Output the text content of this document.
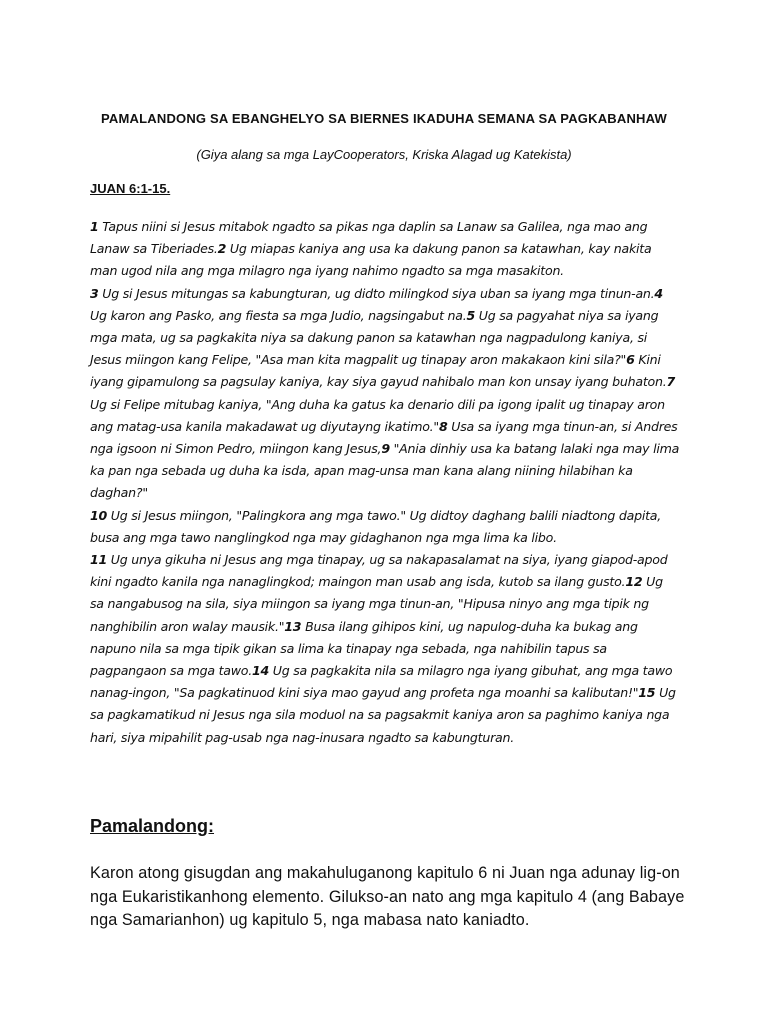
PAMALANDONG SA EBANGHELYO SA BIERNES IKADUHA SEMANA SA PAGKABANHAW
(Giya alang sa mga LayCooperators, Kriska Alagad ug Katekista)
JUAN 6:1-15.

1 Tapus niini si Jesus mitabok ngadto sa pikas nga daplin sa Lanaw sa Galilea, nga mao ang Lanaw sa Tiberiades.2 Ug miapas kaniya ang usa ka dakung panon sa katawhan, kay nakita man ugod nila ang mga milagro nga iyang nahimo ngadto sa mga masakiton.
3 Ug si Jesus mitungas sa kabungturan, ug didto milingkod siya uban sa iyang mga tinun-an.4 Ug karon ang Pasko, ang fiesta sa mga Judio, nagsingabut na.5 Ug sa pagyahat niya sa iyang mga mata, ug sa pagkakita niya sa dakung panon sa katawhan nga nagpadulong kaniya, si Jesus miingon kang Felipe, "Asa man kita magpalit ug tinapay aron makakaon kini sila?"6 Kini iyang gipamulong sa pagsulay kaniya, kay siya gayud nahibalo man kon unsay iyang buhaton.7 Ug si Felipe mitubag kaniya, "Ang duha ka gatus ka denario dili pa igong ipalit ug tinapay aron ang matag-usa kanila makadawat ug diyutayng ikatimo."8 Usa sa iyang mga tinun-an, si Andres nga igsoon ni Simon Pedro, miingon kang Jesus,9 "Ania dinhiy usa ka batang lalaki nga may lima ka pan nga sebada ug duha ka isda, apan mag-unsa man kana alang niining hilabihan ka daghan?"
10 Ug si Jesus miingon, "Palingkora ang mga tawo." Ug didtoy daghang balili niadtong dapita, busa ang mga tawo nanglingkod nga may gidaghanon nga mga lima ka libo.
11 Ug unya gikuha ni Jesus ang mga tinapay, ug sa nakapasalamat na siya, iyang giapod-apod kini ngadto kanila nga nanaglingkod; maingon man usab ang isda, kutob sa ilang gusto.12 Ug sa nangabusog na sila, siya miingon sa iyang mga tinun-an, "Hipusa ninyo ang mga tipik ng nanghibilin aron walay mausik."13 Busa ilang gihipos kini, ug napulog-duha ka bukag ang napuno nila sa mga tipik gikan sa lima ka tinapay nga sebada, nga nahibilin tapus sa pagpangaon sa mga tawo.14 Ug sa pagkakita nila sa milagro nga iyang gibuhat, ang mga tawo nanag-ingon, "Sa pagkatinuod kini siya mao gayud ang profeta nga moanhi sa kalibutan!"15 Ug sa pagkamatikud ni Jesus nga sila moduol na sa pagsakmit kaniya aron sa paghimo kaniya nga hari, siya mipahilit pag-usab nga nag-inusara ngadto sa kabungturan.

Pamalandong:

Karon atong gisugdan ang makahuluganong kapitulo 6 ni Juan nga adunay lig-on nga Eukaristikanhong elemento. Gilukso-an nato ang mga kapitulo 4 (ang Babaye nga Samarianhon) ug kapitulo 5, nga mabasa nato kaniadto.
